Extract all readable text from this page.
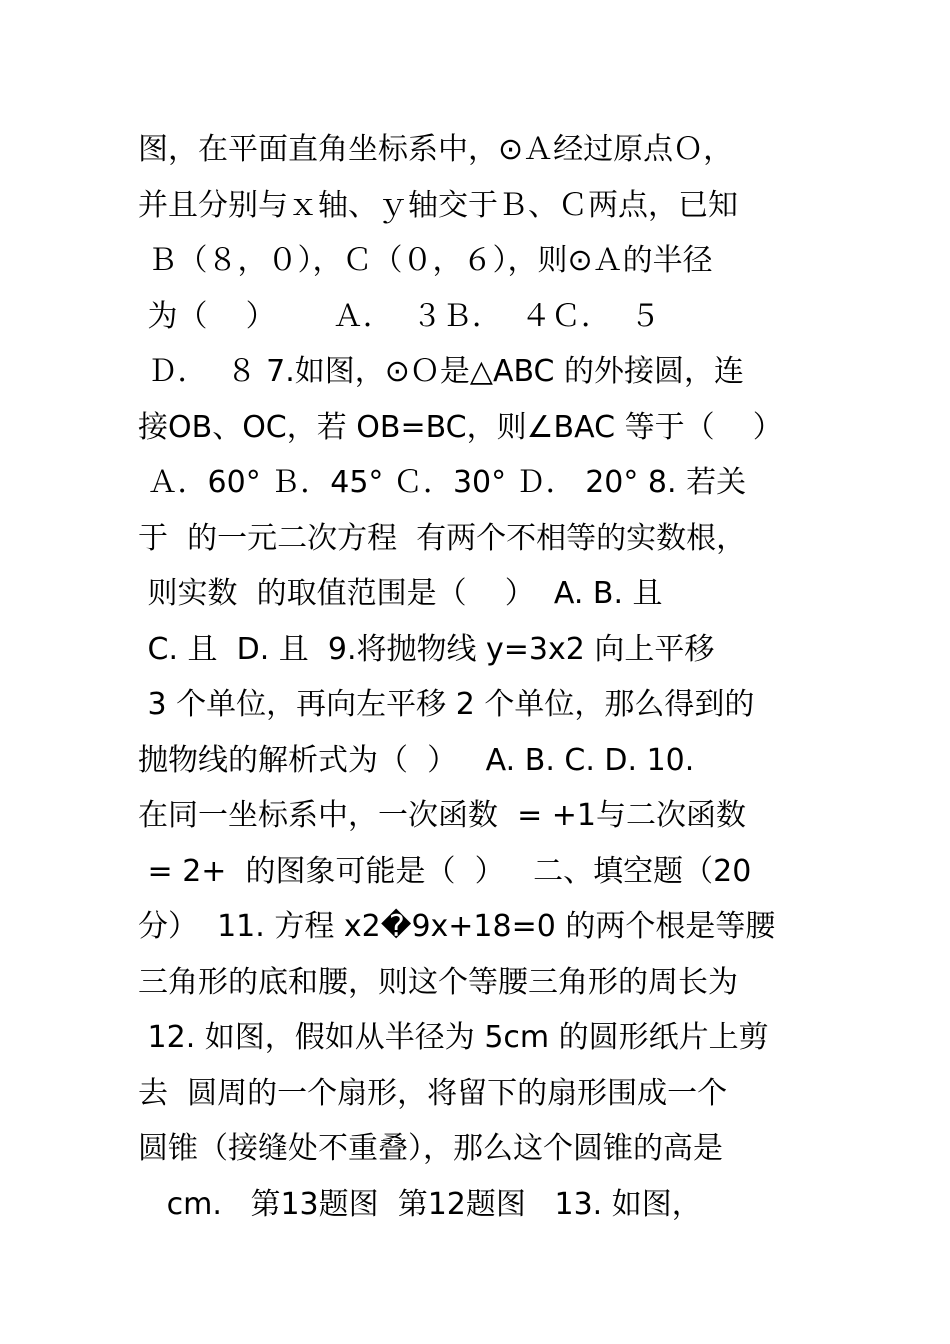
图，在平面直角坐标系中，⊙Ａ经过原点Ｏ，
并且分别与ｘ轴、ｙ轴交于Ｂ、Ｃ两点，已知
Ｂ（８，０），Ｃ（０，６），则⊙Ａ的半径
为（    ）      Ａ．  ３Ｂ．  ４Ｃ．  ５
Ｄ．  ８ 7.如图，⊙Ｏ是△ABC 的外接圆，连
接OB、OC，若 OB=BC，则∠BAC 等于（    ）
Ａ．60° Ｂ．45° Ｃ．30° Ｄ． 20° 8. 若关
于  的一元二次方程  有两个不相等的实数根，
则实数  的取值范围是（    ）  A. B. 且
C. 且  D. 且  9.将抛物线 y=3x2 向上平移
3 个单位，再向左平移 2 个单位，那么得到的
抛物线的解析式为（  ）   A. B. C. D. 10.
在同一坐标系中，一次函数  = +1与二次函数
= 2+  的图象可能是（  ）   二、填空题（20
分）  11. 方程 x2�9x+18=0 的两个根是等腰
三角形的底和腰，则这个等腰三角形的周长为
12. 如图，假如从半径为 5cm 的圆形纸片上剪
去  圆周的一个扇形，将留下的扇形围成一个
圆锥（接缝处不重叠），那么这个圆锥的高是
cm.   第13题图  第12题图   13. 如图，
